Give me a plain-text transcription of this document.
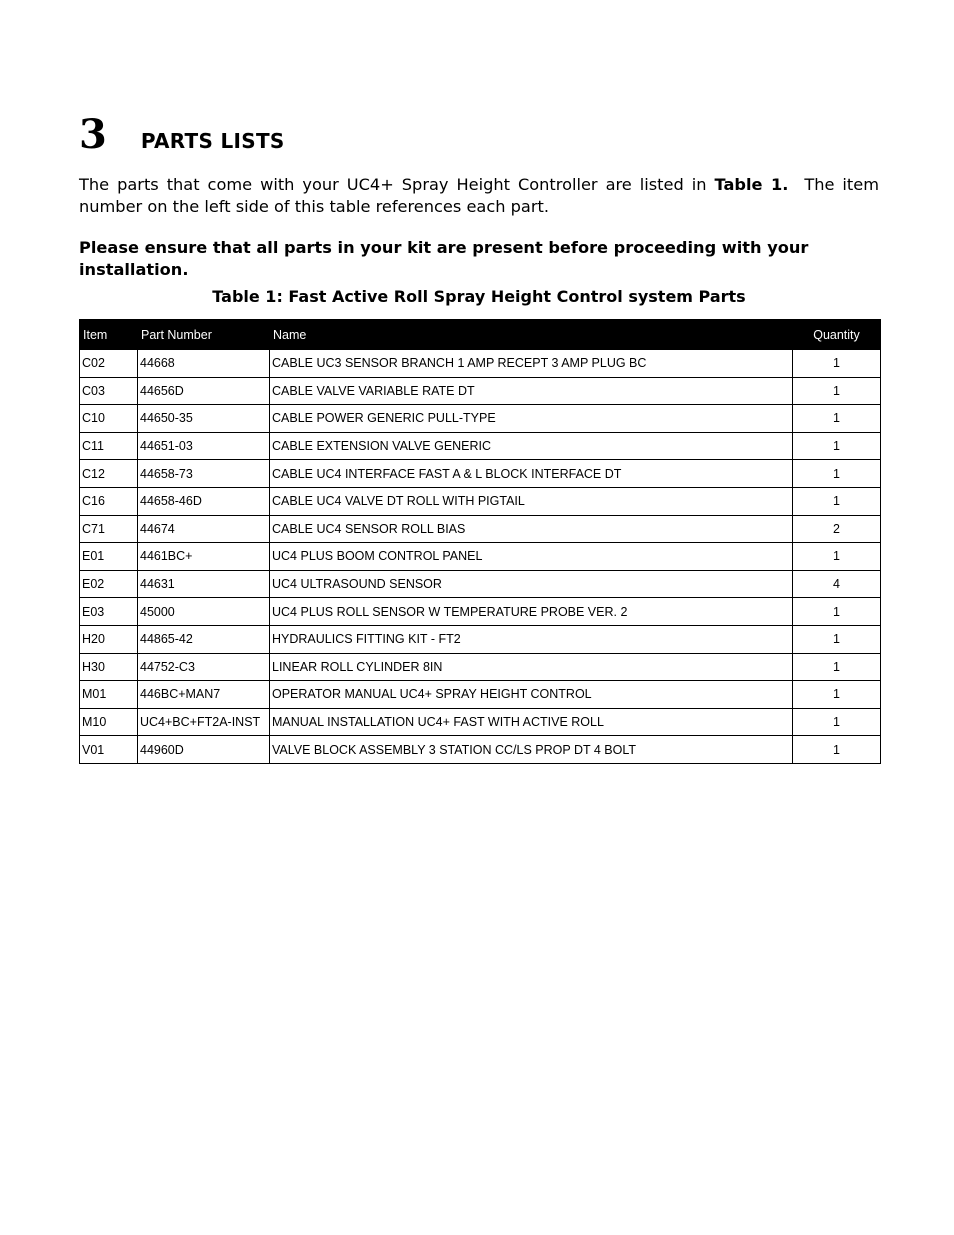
3 PARTS LISTS
The parts that come with your UC4+ Spray Height Controller are listed in Table 1.  The item number on the left side of this table references each part.
Please ensure that all parts in your kit are present before proceeding with your installation.
Table 1: Fast Active Roll Spray Height Control system Parts
Item	Part Number	Name	Quantity
C02	44668	CABLE UC3 SENSOR BRANCH 1 AMP RECEPT 3 AMP PLUG BC	1
C03	44656D	CABLE VALVE VARIABLE RATE DT	1
C10	44650-35	CABLE POWER GENERIC PULL-TYPE	1
C11	44651-03	CABLE EXTENSION VALVE GENERIC	1
C12	44658-73	CABLE UC4 INTERFACE FAST A & L BLOCK INTERFACE DT	1
C16	44658-46D	CABLE UC4 VALVE DT ROLL WITH PIGTAIL	1
C71	44674	CABLE UC4 SENSOR ROLL BIAS	2
E01	4461BC+	UC4 PLUS BOOM CONTROL PANEL	1
E02	44631	UC4 ULTRASOUND SENSOR	4
E03	45000	UC4 PLUS ROLL SENSOR W TEMPERATURE PROBE VER. 2	1
H20	44865-42	HYDRAULICS FITTING KIT - FT2	1
H30	44752-C3	LINEAR ROLL CYLINDER 8IN	1
M01	446BC+MAN7	OPERATOR MANUAL UC4+ SPRAY HEIGHT CONTROL	1
M10	UC4+BC+FT2A-INST	MANUAL INSTALLATION UC4+ FAST WITH ACTIVE ROLL	1
V01	44960D	VALVE BLOCK ASSEMBLY 3 STATION CC/LS PROP DT 4 BOLT	1
